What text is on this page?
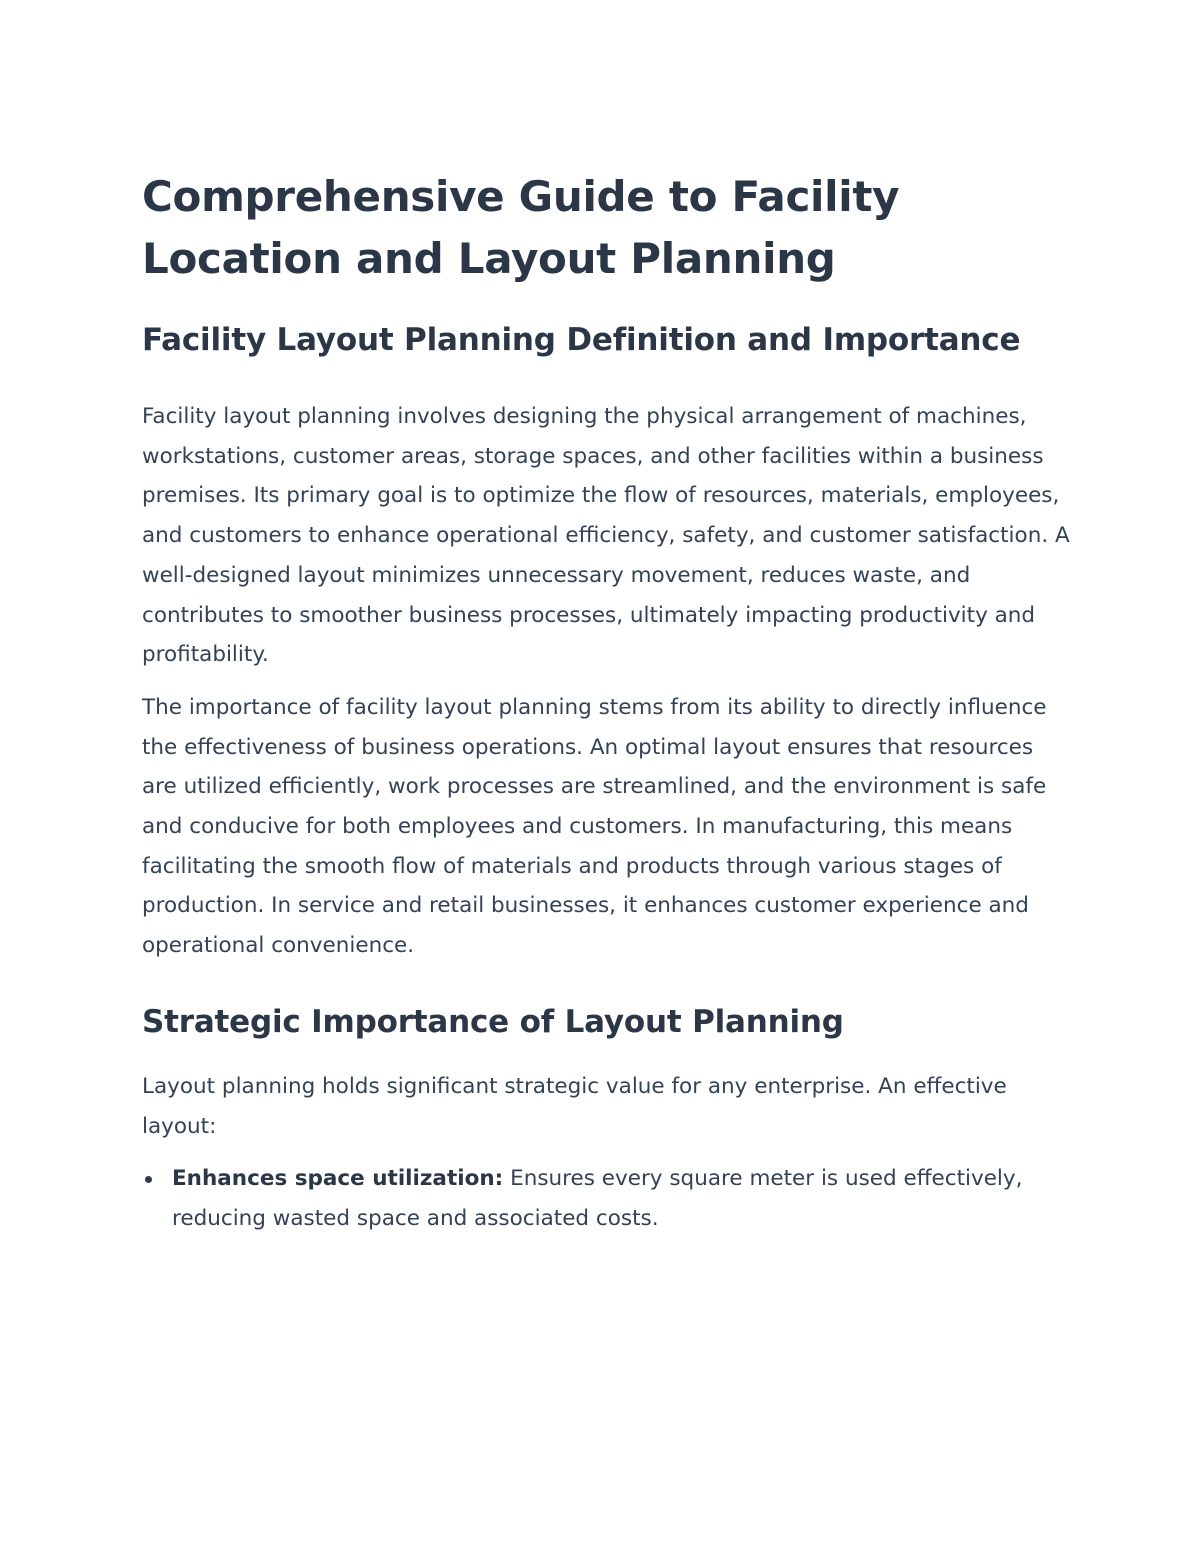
Comprehensive Guide to Facility Location and Layout Planning
Facility Layout Planning Definition and Importance

Facility layout planning involves designing the physical arrangement of machines, workstations, customer areas, storage spaces, and other facilities within a business premises. Its primary goal is to optimize the flow of resources, materials, employees, and customers to enhance operational efficiency, safety, and customer satisfaction. A well-designed layout minimizes unnecessary movement, reduces waste, and contributes to smoother business processes, ultimately impacting productivity and profitability.

The importance of facility layout planning stems from its ability to directly influence the effectiveness of business operations. An optimal layout ensures that resources are utilized efficiently, work processes are streamlined, and the environment is safe and conducive for both employees and customers. In manufacturing, this means facilitating the smooth flow of materials and products through various stages of production. In service and retail businesses, it enhances customer experience and operational convenience.

Strategic Importance of Layout Planning

Layout planning holds significant strategic value for any enterprise. An effective layout:

Enhances space utilization: Ensures every square meter is used effectively, reducing wasted space and associated costs.
